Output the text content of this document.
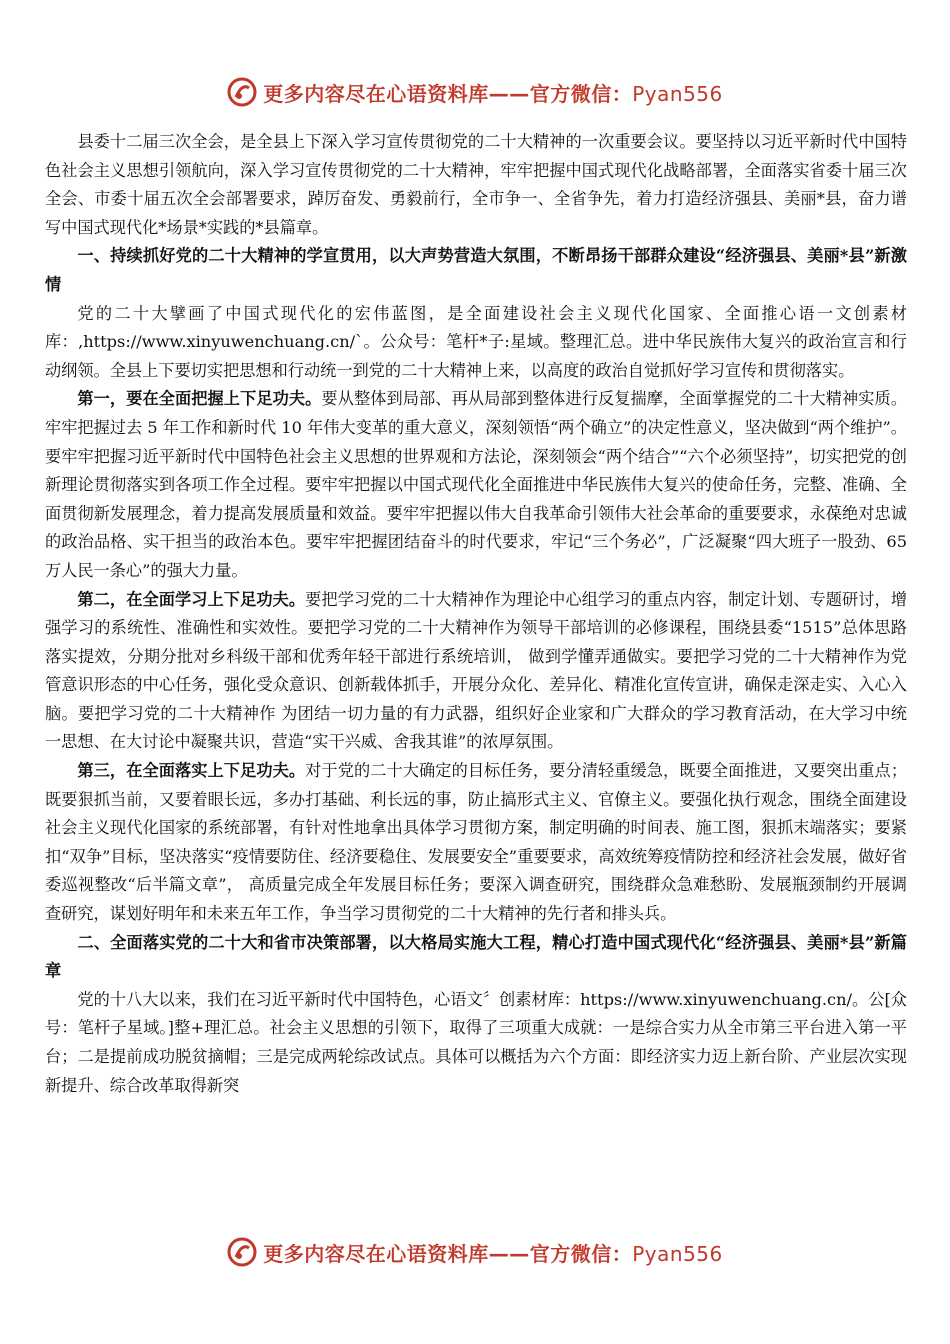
更多内容尽在心语资料库——官方微信：Pyan556

县委十二届三次全会，是全县上下深入学习宣传贯彻党的二十大精神的一次重要会议。要坚持以习近平新时代中国特色社会主义思想引领航向，深入学习宣传贯彻党的二十大精神，牢牢把握中国式现代化战略部署，全面落实省委十届三次全会、市委十届五次全会部署要求，踔厉奋发、勇毅前行，全市争一、全省争先，着力打造经济强县、美丽*县，奋力谱写中国式现代化*场景*实践的*县篇章。

一、持续抓好党的二十大精神的学宣贯用，以大声势营造大氛围，不断昂扬干部群众建设“经济强县、美丽*县”新激情

党的二十大擘画了中国式现代化的宏伟蓝图，是全面建设社会主义现代化国家、全面推心语一文创素材库：,https://www.xinyuwenchuang.cn/`。公众号：笔杆*子:星域。整理汇总。进中华民族伟大复兴的政治宣言和行动纲领。全县上下要切实把思想和行动统一到党的二十大精神上来，以高度的政治自觉抓好学习宣传和贯彻落实。

第一，要在全面把握上下足功夫。要从整体到局部、再从局部到整体进行反复揣摩，全面掌握党的二十大精神实质。牢牢把握过去 5 年工作和新时代 10 年伟大变革的重大意义，深刻领悟“两个确立”的决定性意义，坚决做到“两个维护”。要牢牢把握习近平新时代中国特色社会主义思想的世界观和方法论，深刻领会“两个结合”“六个必须坚持”，切实把党的创新理论贯彻落实到各项工作全过程。要牢牢把握以中国式现代化全面推进中华民族伟大复兴的使命任务，完整、准确、全面贯彻新发展理念，着力提高发展质量和效益。要牢牢把握以伟大自我革命引领伟大社会革命的重要要求，永葆绝对忠诚的政治品格、实干担当的政治本色。要牢牢把握团结奋斗的时代要求，牢记“三个务必”，广泛凝聚“四大班子一股劲、65 万人民一条心”的强大力量。

第二，在全面学习上下足功夫。要把学习党的二十大精神作为理论中心组学习的重点内容，制定计划、专题研讨，增强学习的系统性、准确性和实效性。要把学习党的二十大精神作为领导干部培训的必修课程，围绕县委“1515”总体思路落实提效，分期分批对乡科级干部和优秀年轻干部进行系统培训， 做到学懂弄通做实。要把学习党的二十大精神作为党管意识形态的中心任务，强化受众意识、创新载体抓手，开展分众化、差异化、精准化宣传宣讲，确保走深走实、入心入脑。要把学习党的二十大精神作 为团结一切力量的有力武器，组织好企业家和广大群众的学习教育活动，在大学习中统一思想、在大讨论中凝聚共识，营造“实干兴威、舍我其谁”的浓厚氛围。

第三，在全面落实上下足功夫。对于党的二十大确定的目标任务，要分清轻重缓急，既要全面推进，又要突出重点；既要狠抓当前，又要着眼长远，多办打基础、利长远的事，防止搞形式主义、官僚主义。要强化执行观念，围绕全面建设社会主义现代化国家的系统部署，有针对性地拿出具体学习贯彻方案，制定明确的时间表、施工图，狠抓末端落实；要紧扣“双争”目标，坚决落实“疫情要防住、经济要稳住、发展要安全”重要要求，高效统筹疫情防控和经济社会发展，做好省委巡视整改“后半篇文章”， 高质量完成全年发展目标任务；要深入调查研究，围绕群众急难愁盼、发展瓶颈制约开展调查研究，谋划好明年和未来五年工作，争当学习贯彻党的二十大精神的先行者和排头兵。

二、全面落实党的二十大和省市决策部署，以大格局实施大工程，精心打造中国式现代化“经济强县、美丽*县”新篇章

党的十八大以来，我们在习近平新时代中国特色，心语文〞创素材库：https://www.xinyuwenchuang.cn/。公[众号：笔杆子星域。]整+理汇总。社会主义思想的引领下，取得了三项重大成就：一是综合实力从全市第三平台进入第一平台；二是提前成功脱贫摘帽；三是完成两轮综改试点。具体可以概括为六个方面：即经济实力迈上新台阶、产业层次实现新提升、综合改革取得新突

更多内容尽在心语资料库——官方微信：Pyan556
